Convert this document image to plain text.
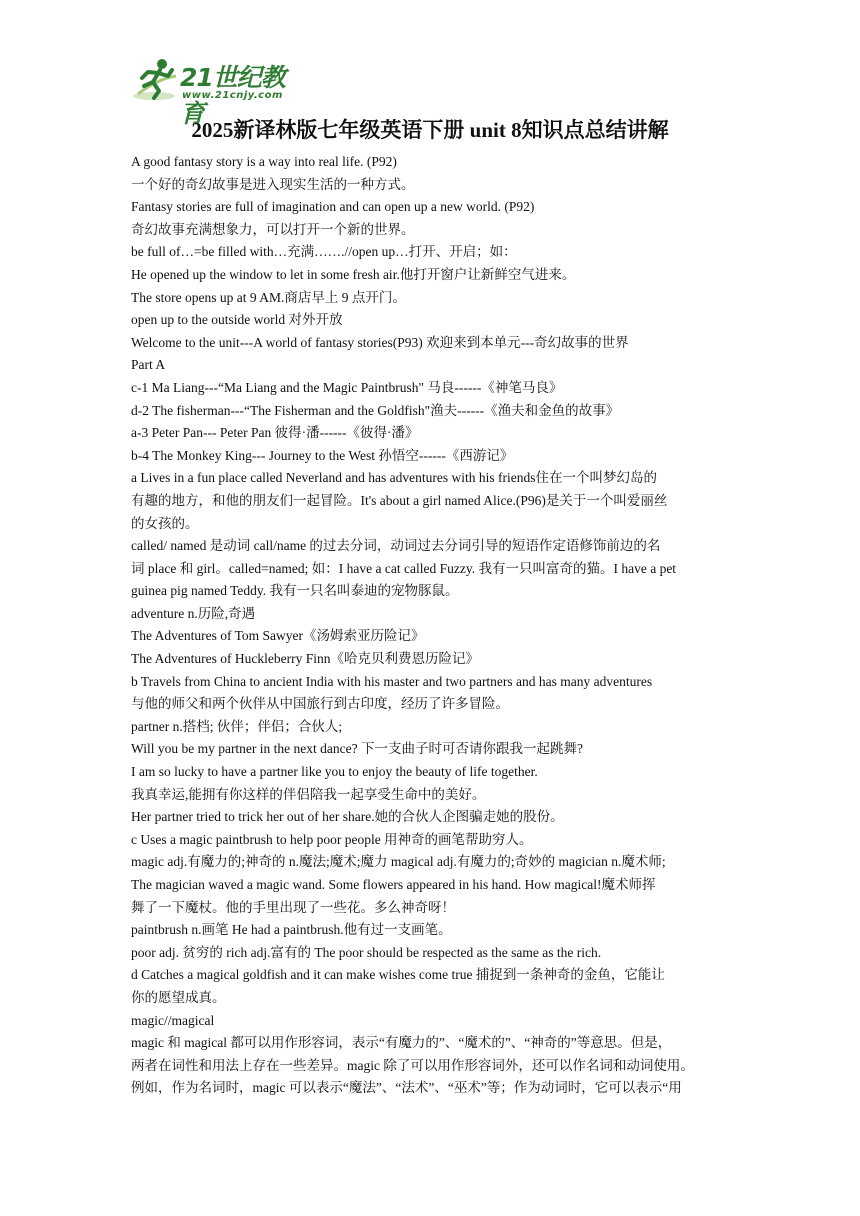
21世纪教育
www.21cnjy.com
2025新译林版七年级英语下册 unit 8知识点总结讲解

A good fantasy story is a way into real life. (P92)

一个好的奇幻故事是进入现实生活的一种方式。

Fantasy stories are full of imagination and can open up a new world. (P92)

奇幻故事充满想象力，可以打开一个新的世界。

be full of…=be filled with…充满…….//open up…打开、开启；如：

He opened up the window to let in some fresh air.他打开窗户让新鲜空气进来。

The store opens up at 9 AM.商店早上 9 点开门。

open up to the outside world 对外开放

Welcome to the unit---A world of fantasy stories(P93) 欢迎来到本单元---奇幻故事的世界

Part A

c-1 Ma Liang---“Ma Liang and the Magic Paintbrush" 马良------《神笔马良》

d-2 The fisherman---“The Fisherman and the Goldfish"渔夫------《渔夫和金鱼的故事》

a-3 Peter Pan--- Peter Pan 彼得·潘------《彼得·潘》

b-4 The Monkey King--- Journey to the West 孙悟空------《西游记》

a Lives in a fun place called Neverland and has adventures with his friends住在一个叫梦幻岛的

有趣的地方，和他的朋友们一起冒险。It's about a girl named Alice.(P96)是关于一个叫爱丽丝

的女孩的。

called/ named 是动词 call/name 的过去分词，动词过去分词引导的短语作定语修饰前边的名

词 place 和 girl。called=named; 如：I have a cat called Fuzzy. 我有一只叫富奇的猫。I have a pet

guinea pig named Teddy. 我有一只名叫泰迪的宠物豚鼠。

adventure n.历险,奇遇

The Adventures of Tom Sawyer《汤姆索亚历险记》

The Adventures of Huckleberry Finn《哈克贝利费恩历险记》

b Travels from China to ancient India with his master and two partners and has many adventures

与他的师父和两个伙伴从中国旅行到古印度，经历了许多冒险。

partner n.搭档; 伙伴；伴侣；合伙人;

Will you be my partner in the next dance? 下一支曲子时可否请你跟我一起跳舞?

I am so lucky to have a partner like you to enjoy the beauty of life together.

我真幸运,能拥有你这样的伴侣陪我一起享受生命中的美好。

Her partner tried to trick her out of her share.她的合伙人企图骗走她的股份。

c Uses a magic paintbrush to help poor people 用神奇的画笔帮助穷人。

magic adj.有魔力的;神奇的 n.魔法;魔术;魔力 magical adj.有魔力的;奇妙的 magician n.魔术师;

The magician waved a magic wand. Some flowers appeared in his hand. How magical!魔术师挥

舞了一下魔杖。他的手里出现了一些花。多么神奇呀！

paintbrush n.画笔 He had a paintbrush.他有过一支画笔。

poor adj. 贫穷的 rich adj.富有的 The poor should be respected as the same as the rich.

d Catches a magical goldfish and it can make wishes come true 捕捉到一条神奇的金鱼，它能让

你的愿望成真。

magic//magical

magic 和 magical 都可以用作形容词，表示“有魔力的”、“魔术的”、“神奇的”等意思。但是，

两者在词性和用法上存在一些差异。magic 除了可以用作形容词外，还可以作名词和动词使用。

例如，作为名词时，magic 可以表示“魔法”、“法术”、“巫术”等；作为动词时，它可以表示“用
